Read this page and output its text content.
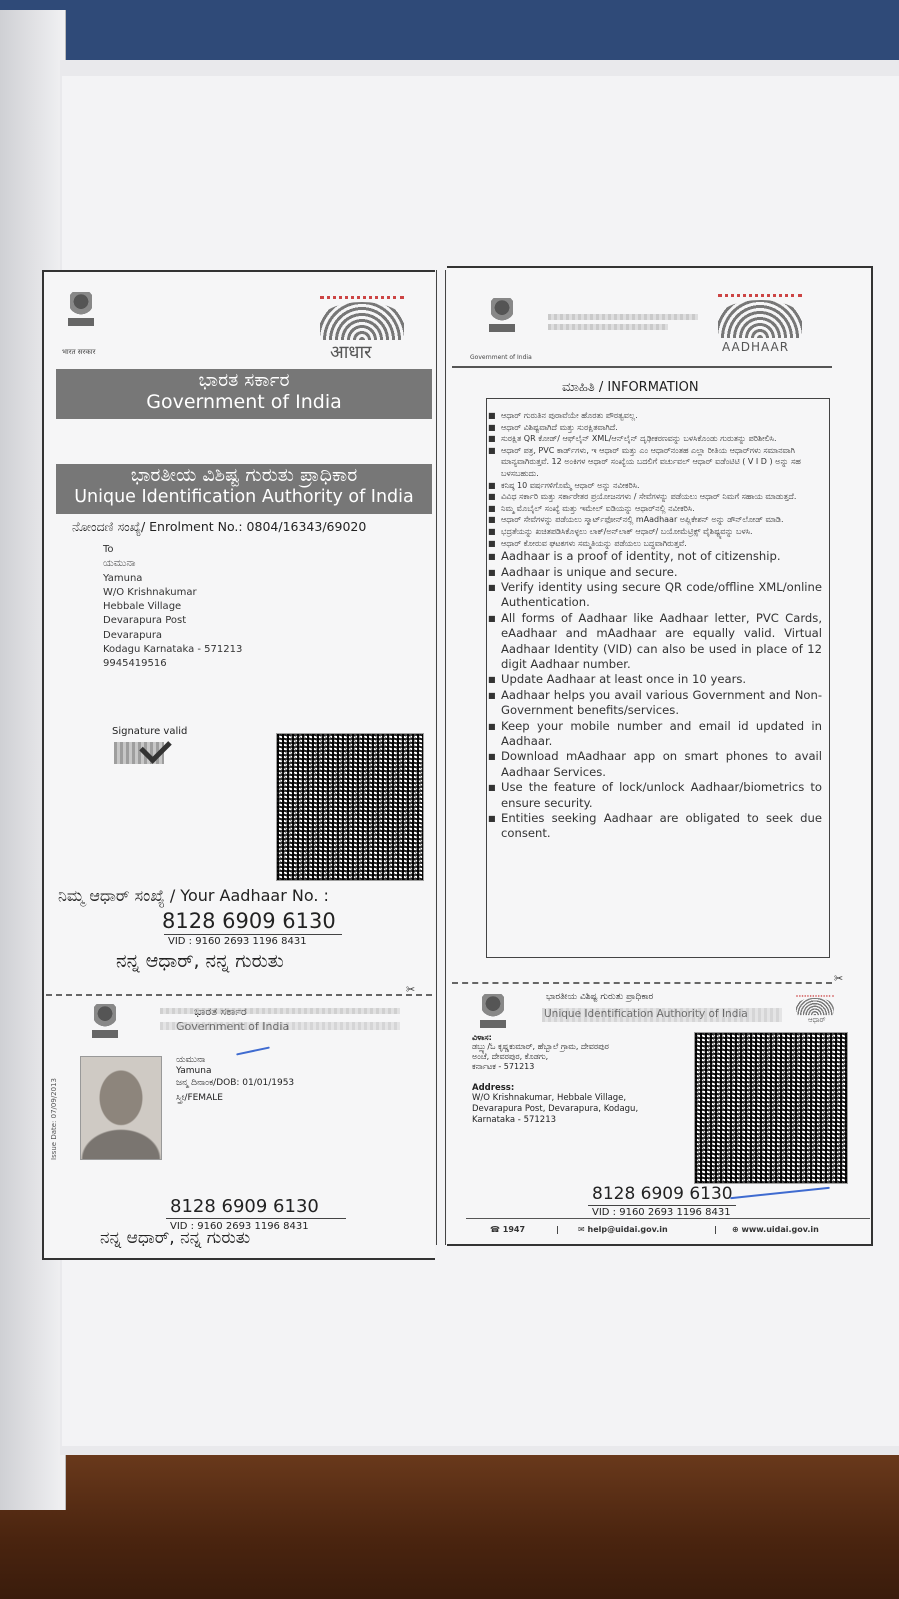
भारत सरकार	आधार
ಭಾರತ ಸರ್ಕಾರ
Government of India
ಭಾರತೀಯ ವಿಶಿಷ್ಟ ಗುರುತು ಪ್ರಾಧಿಕಾರ
Unique Identification Authority of India
ನೋಂದಣಿ ಸಂಖ್ಯೆ/ Enrolment No.: 0804/16343/69020
To
ಯಮುನಾ
Yamuna
W/O Krishnakumar
Hebbale Village
Devarapura Post
Devarapura
Kodagu Karnataka - 571213
9945419516
Signature valid
ನಿಮ್ಮ ಆಧಾರ್ ಸಂಖ್ಯೆ / Your Aadhaar No. :
8128 6909 6130
VID : 9160 2693 1196 8431
ನನ್ನ ಆಧಾರ್, ನನ್ನ ಗುರುತು
✂
ಭಾರತ ಸರ್ಕಾರ
Government of India
Issue Date: 07/09/2013
ಯಮುನಾ
Yamuna
ಜನ್ಮ ದಿನಾಂಕ/DOB: 01/01/1953
ಸ್ತ್ರೀ/FEMALE
8128 6909 6130
VID : 9160 2693 1196 8431
ನನ್ನ ಆಧಾರ್, ನನ್ನ ಗುರುತು
Government of India
AADHAAR
ಮಾಹಿತಿ / INFORMATION
■ ಆಧಾರ್ ಗುರುತಿನ ಪುರಾವೆಯೇ ಹೊರತು ಪೌರತ್ವವಲ್ಲ.
■ ಆಧಾರ್ ವಿಶಿಷ್ಟವಾಗಿದೆ ಮತ್ತು ಸುರಕ್ಷಿತವಾಗಿದೆ.
■ ಸುರಕ್ಷಿತ QR ಕೋಡ್/ ಆಫ್‌ಲೈನ್ XML/ಆನ್‌ಲೈನ್ ದೃಢೀಕರಣವನ್ನು ಬಳಸಿಕೊಂಡು ಗುರುತನ್ನು ಪರಿಶೀಲಿಸಿ.
■ ಆಧಾರ್ ಪತ್ರ, PVC ಕಾರ್ಡ್‌ಗಳು, ಇ ಆಧಾರ್ ಮತ್ತು ಎಂ ಆಧಾರ್‌ನಂತಹ ಎಲ್ಲಾ ರೀತಿಯ ಆಧಾರ್‌ಗಳು ಸಮಾನವಾಗಿ ಮಾನ್ಯವಾಗಿರುತ್ತವೆ. 12 ಅಂಕಿಗಳ ಆಧಾರ್ ಸಂಖ್ಯೆಯ ಬದಲಿಗೆ ವರ್ಚುವಲ್ ಆಧಾರ್ ಐಡೆಂಟಿಟಿ ( V I D ) ಅನ್ನು ಸಹ ಬಳಸಬಹುದು.
■ ಕನಿಷ್ಠ 10 ವರ್ಷಗಳಿಗೊಮ್ಮೆ ಆಧಾರ್ ಅನ್ನು ನವೀಕರಿಸಿ.
■ ವಿವಿಧ ಸರ್ಕಾರಿ ಮತ್ತು ಸರ್ಕಾರೇತರ ಪ್ರಯೋಜನಗಳು / ಸೇವೆಗಳನ್ನು ಪಡೆಯಲು ಆಧಾರ್ ನಿಮಗೆ ಸಹಾಯ ಮಾಡುತ್ತದೆ.
■ ನಿಮ್ಮ ಮೊಬೈಲ್ ಸಂಖ್ಯೆ ಮತ್ತು ಇಮೇಲ್ ಐಡಿಯನ್ನು ಆಧಾರ್‌ನಲ್ಲಿ ನವೀಕರಿಸಿ.
■ ಆಧಾರ್ ಸೇವೆಗಳನ್ನು ಪಡೆಯಲು ಸ್ಮಾರ್ಟ್‌ಫೋನ್‌ನಲ್ಲಿ mAadhaar ಅಪ್ಲಿಕೇಶನ್ ಅನ್ನು ಡೌನ್‌ಲೋಡ್ ಮಾಡಿ.
■ ಭದ್ರತೆಯನ್ನು ಖಚಿತಪಡಿಸಿಕೊಳ್ಳಲು ಲಾಕ್/ಅನ್‌ಲಾಕ್ ಆಧಾರ್/ ಬಯೋಮೆಟ್ರಿಕ್ಸ್ ವೈಶಿಷ್ಟ್ಯವನ್ನು ಬಳಸಿ.
■ ಆಧಾರ್ ಕೋರುವ ಘಟಕಗಳು ಸಮ್ಮತಿಯನ್ನು ಪಡೆಯಲು ಬದ್ಧವಾಗಿರುತ್ತವೆ.
■ Aadhaar is a proof of identity, not of citizenship.
■ Aadhaar is unique and secure.
■ Verify identity using secure QR code/offline XML/online Authentication.
■ All forms of Aadhaar like Aadhaar letter, PVC Cards, eAadhaar and mAadhaar are equally valid. Virtual Aadhaar Identity (VID) can also be used in place of 12 digit Aadhaar number.
■ Update Aadhaar at least once in 10 years.
■ Aadhaar helps you avail various Government and Non- Government benefits/services.
■ Keep your mobile number and email id updated in Aadhaar.
■ Download mAadhaar app on smart phones to avail Aadhaar Services.
■ Use the feature of lock/unlock Aadhaar/biometrics to ensure security.
■ Entities seeking Aadhaar are obligated to seek due consent.
✂
ಭಾರತೀಯ ವಿಶಿಷ್ಟ ಗುರುತು ಪ್ರಾಧಿಕಾರ
Unique Identification Authority of India	ಆಧಾರ್
ವಿಳಾಸ:
ಡಬ್ಲ್ಯು/ಓ ಕೃಷ್ಣಕುಮಾರ್, ಹೆಬ್ಬಾಲೆ ಗ್ರಾಮ, ದೇವರಪುರ
ಅಂಚೆ, ದೇವರಪುರ, ಕೊಡಗು,
ಕರ್ನಾಟಕ - 571213
Address:
W/O Krishnakumar, Hebbale Village,
Devarapura Post, Devarapura, Kodagu,
Karnataka - 571213
8128 6909 6130
VID : 9160 2693 1196 8431
☎ 1947	| ✉ help@uidai.gov.in	| ⊕ www.uidai.gov.in
